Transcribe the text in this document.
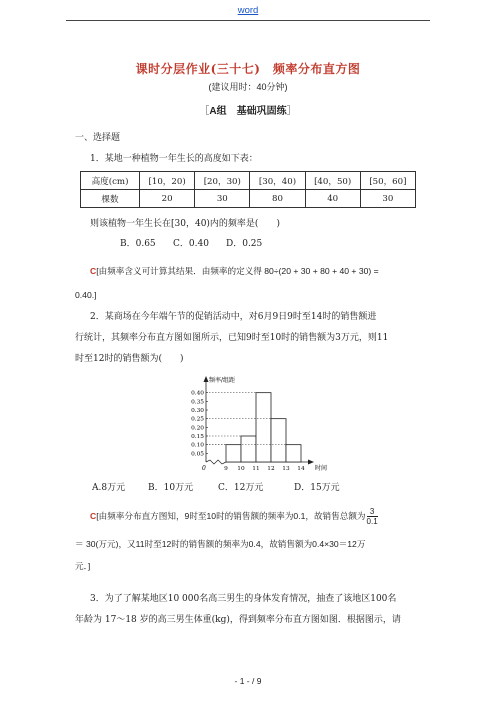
word
课时分层作业(三十七)　频率分布直方图
(建议用时：40分钟)
［A组　基础巩固练］
一、选择题
1．某地一种植物一年生长的高度如下表：
高度(cm)	[10，20)	[20，30)	[30，40)	[40，50)	[50，60]
棵数	20	30	80	40	30
则该植物一年生长在[30，40)内的频率是(　　)
B．0.65 C．0.40 D．0.25
C[由频率含义可计算其结果．由频率的定义得 80÷(20 + 30 + 80 + 40 + 30) =
0.40.]
2．某商场在今年端午节的促销活动中，对6月9日9时至14时的销售额进
行统计，其频率分布直方图如图所示，已知9时至10时的销售额为3万元，则11
时至12时的销售额为(　　)
频率/组距
时间
0
0.05
0.10
0.15
0.20
0.25
0.30
0.35
0.40
9 10 11 12 13 14
A.8万元	B．10万元	C．12万元	D．15万元
C[由频率分布直方图知，9时至10时的销售额的频率为0.1，故销售总额为 $\frac{3}{0.1}$
＝ 30(万元)，又11时至12时的销售额的频率为0.4，故销售额为0.4×30＝12万
元．]
3．为了了解某地区10 000名高三男生的身体发育情况，抽查了该地区100名
年龄为 17～18 岁的高三男生体重(kg)，得到频率分布直方图如图．根据图示，请
- 1 - / 9
